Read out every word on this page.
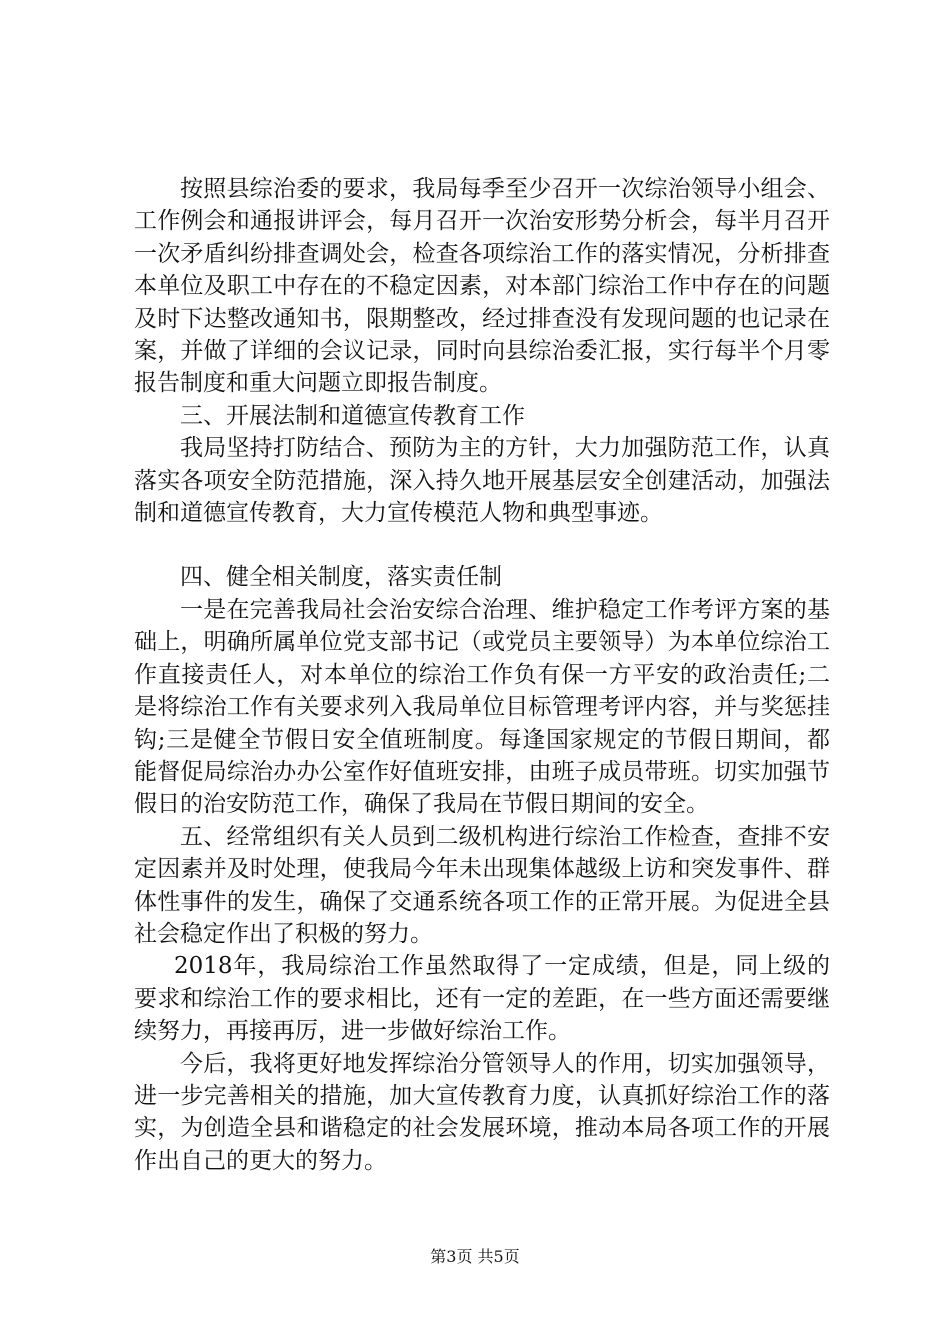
按照县综治委的要求，我局每季至少召开一次综治领导小组会、工作例会和通报讲评会，每月召开一次治安形势分析会，每半月召开一次矛盾纠纷排查调处会，检查各项综治工作的落实情况，分析排查本单位及职工中存在的不稳定因素，对本部门综治工作中存在的问题及时下达整改通知书，限期整改，经过排查没有发现问题的也记录在案，并做了详细的会议记录，同时向县综治委汇报，实行每半个月零报告制度和重大问题立即报告制度。

三、开展法制和道德宣传教育工作

我局坚持打防结合、预防为主的方针，大力加强防范工作，认真落实各项安全防范措施，深入持久地开展基层安全创建活动，加强法制和道德宣传教育，大力宣传模范人物和典型事迹。

四、健全相关制度，落实责任制

一是在完善我局社会治安综合治理、维护稳定工作考评方案的基础上，明确所属单位党支部书记（或党员主要领导）为本单位综治工作直接责任人，对本单位的综治工作负有保一方平安的政治责任;二是将综治工作有关要求列入我局单位目标管理考评内容，并与奖惩挂钩;三是健全节假日安全值班制度。每逢国家规定的节假日期间，都能督促局综治办办公室作好值班安排，由班子成员带班。切实加强节假日的治安防范工作，确保了我局在节假日期间的安全。

五、经常组织有关人员到二级机构进行综治工作检查，查排不安定因素并及时处理，使我局今年未出现集体越级上访和突发事件、群体性事件的发生，确保了交通系统各项工作的正常开展。为促进全县社会稳定作出了积极的努力。

2018年，我局综治工作虽然取得了一定成绩，但是，同上级的要求和综治工作的要求相比，还有一定的差距，在一些方面还需要继续努力，再接再厉，进一步做好综治工作。

今后，我将更好地发挥综治分管领导人的作用，切实加强领导，进一步完善相关的措施，加大宣传教育力度，认真抓好综治工作的落实，为创造全县和谐稳定的社会发展环境，推动本局各项工作的开展作出自己的更大的努力。

第3页 共5页
